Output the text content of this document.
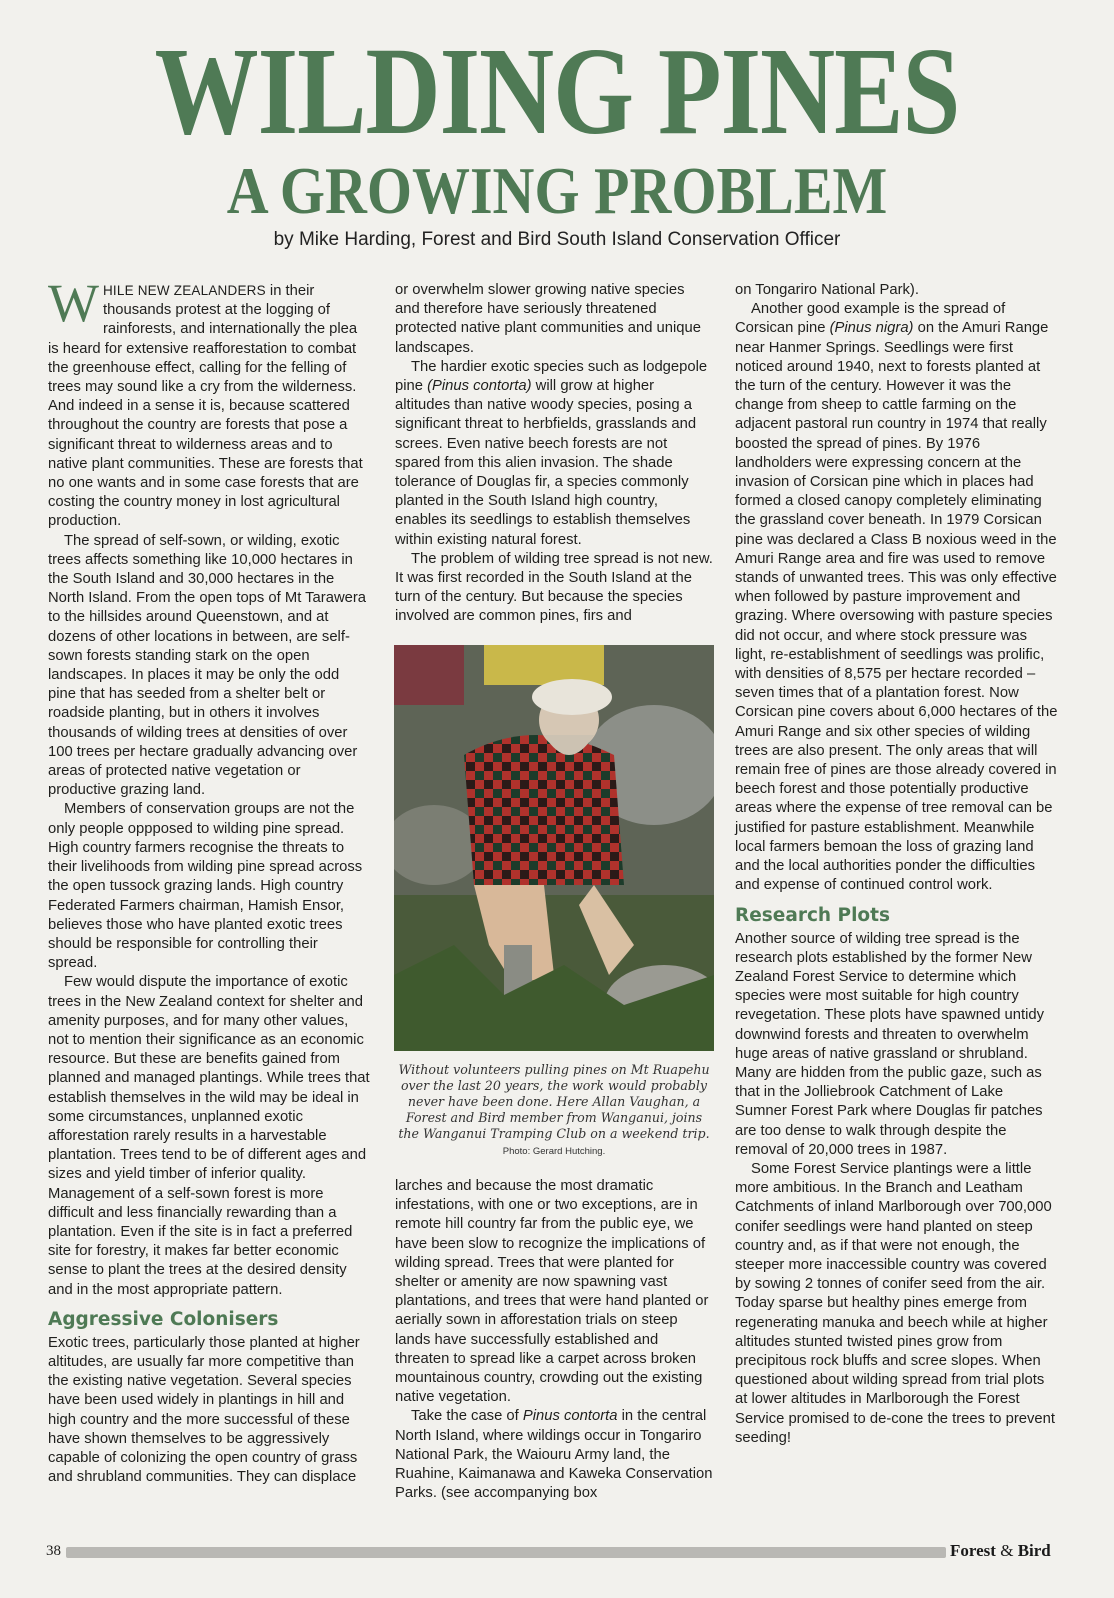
WILDING PINES
A GROWING PROBLEM
by Mike Harding, Forest and Bird South Island Conservation Officer

WHILE NEW ZEALANDERS in their thousands protest at the logging of rainforests, and internationally the plea is heard for extensive reafforestation to combat the greenhouse effect, calling for the felling of trees may sound like a cry from the wilderness. And indeed in a sense it is, because scattered throughout the country are forests that pose a significant threat to wilderness areas and to native plant communities. These are forests that no one wants and in some case forests that are costing the country money in lost agricultural production.

The spread of self-sown, or wilding, exotic trees affects something like 10,000 hectares in the South Island and 30,000 hectares in the North Island. From the open tops of Mt Tarawera to the hillsides around Queenstown, and at dozens of other locations in between, are self-sown forests standing stark on the open landscapes. In places it may be only the odd pine that has seeded from a shelter belt or roadside planting, but in others it involves thousands of wilding trees at densities of over 100 trees per hectare gradually advancing over areas of protected native vegetation or productive grazing land.

Members of conservation groups are not the only people oppposed to wilding pine spread. High country farmers recognise the threats to their livelihoods from wilding pine spread across the open tussock grazing lands. High country Federated Farmers chairman, Hamish Ensor, believes those who have planted exotic trees should be responsible for controlling their spread.

Few would dispute the importance of exotic trees in the New Zealand context for shelter and amenity purposes, and for many other values, not to mention their significance as an economic resource. But these are benefits gained from planned and managed plantings. While trees that establish themselves in the wild may be ideal in some circumstances, unplanned exotic afforestation rarely results in a harvestable plantation. Trees tend to be of different ages and sizes and yield timber of inferior quality. Management of a self-sown forest is more difficult and less financially rewarding than a plantation. Even if the site is in fact a preferred site for forestry, it makes far better economic sense to plant the trees at the desired density and in the most appropriate pattern.

Aggressive Colonisers

Exotic trees, particularly those planted at higher altitudes, are usually far more competitive than the existing native vegetation. Several species have been used widely in plantings in hill and high country and the more successful of these have shown themselves to be aggressively capable of colonizing the open country of grass and shrubland communities. They can displace

or overwhelm slower growing native species and therefore have seriously threatened protected native plant communities and unique landscapes.

The hardier exotic species such as lodgepole pine (Pinus contorta) will grow at higher altitudes than native woody species, posing a significant threat to herbfields, grasslands and screes. Even native beech forests are not spared from this alien invasion. The shade tolerance of Douglas fir, a species commonly planted in the South Island high country, enables its seedlings to establish themselves within existing natural forest.

The problem of wilding tree spread is not new. It was first recorded in the South Island at the turn of the century. But because the species involved are common pines, firs and

Without volunteers pulling pines on Mt Ruapehu over the last 20 years, the work would probably never have been done. Here Allan Vaughan, a Forest and Bird member from Wanganui, joins the Wanganui Tramping Club on a weekend trip.
Photo: Gerard Hutching.

larches and because the most dramatic infestations, with one or two exceptions, are in remote hill country far from the public eye, we have been slow to recognize the implications of wilding spread. Trees that were planted for shelter or amenity are now spawning vast plantations, and trees that were hand planted or aerially sown in afforestation trials on steep lands have successfully established and threaten to spread like a carpet across broken mountainous country, crowding out the existing native vegetation.

Take the case of Pinus contorta in the central North Island, where wildings occur in Tongariro National Park, the Waiouru Army land, the Ruahine, Kaimanawa and Kaweka Conservation Parks. (see accompanying box

on Tongariro National Park).

Another good example is the spread of Corsican pine (Pinus nigra) on the Amuri Range near Hanmer Springs. Seedlings were first noticed around 1940, next to forests planted at the turn of the century. However it was the change from sheep to cattle farming on the adjacent pastoral run country in 1974 that really boosted the spread of pines. By 1976 landholders were expressing concern at the invasion of Corsican pine which in places had formed a closed canopy completely eliminating the grassland cover beneath. In 1979 Corsican pine was declared a Class B noxious weed in the Amuri Range area and fire was used to remove stands of unwanted trees. This was only effective when followed by pasture improvement and grazing. Where oversowing with pasture species did not occur, and where stock pressure was light, re-establishment of seedlings was prolific, with densities of 8,575 per hectare recorded – seven times that of a plantation forest. Now Corsican pine covers about 6,000 hectares of the Amuri Range and six other species of wilding trees are also present. The only areas that will remain free of pines are those already covered in beech forest and those potentially productive areas where the expense of tree removal can be justified for pasture establishment. Meanwhile local farmers bemoan the loss of grazing land and the local authorities ponder the difficulties and expense of continued control work.

Research Plots

Another source of wilding tree spread is the research plots established by the former New Zealand Forest Service to determine which species were most suitable for high country revegetation. These plots have spawned untidy downwind forests and threaten to overwhelm huge areas of native grassland or shrubland. Many are hidden from the public gaze, such as that in the Jolliebrook Catchment of Lake Sumner Forest Park where Douglas fir patches are too dense to walk through despite the removal of 20,000 trees in 1987.

Some Forest Service plantings were a little more ambitious. In the Branch and Leatham Catchments of inland Marlborough over 700,000 conifer seedlings were hand planted on steep country and, as if that were not enough, the steeper more inaccessible country was covered by sowing 2 tonnes of conifer seed from the air. Today sparse but healthy pines emerge from regenerating manuka and beech while at higher altitudes stunted twisted pines grow from precipitous rock bluffs and scree slopes. When questioned about wilding spread from trial plots at lower altitudes in Marlborough the Forest Service promised to de-cone the trees to prevent seeding!

38	Forest & Bird
